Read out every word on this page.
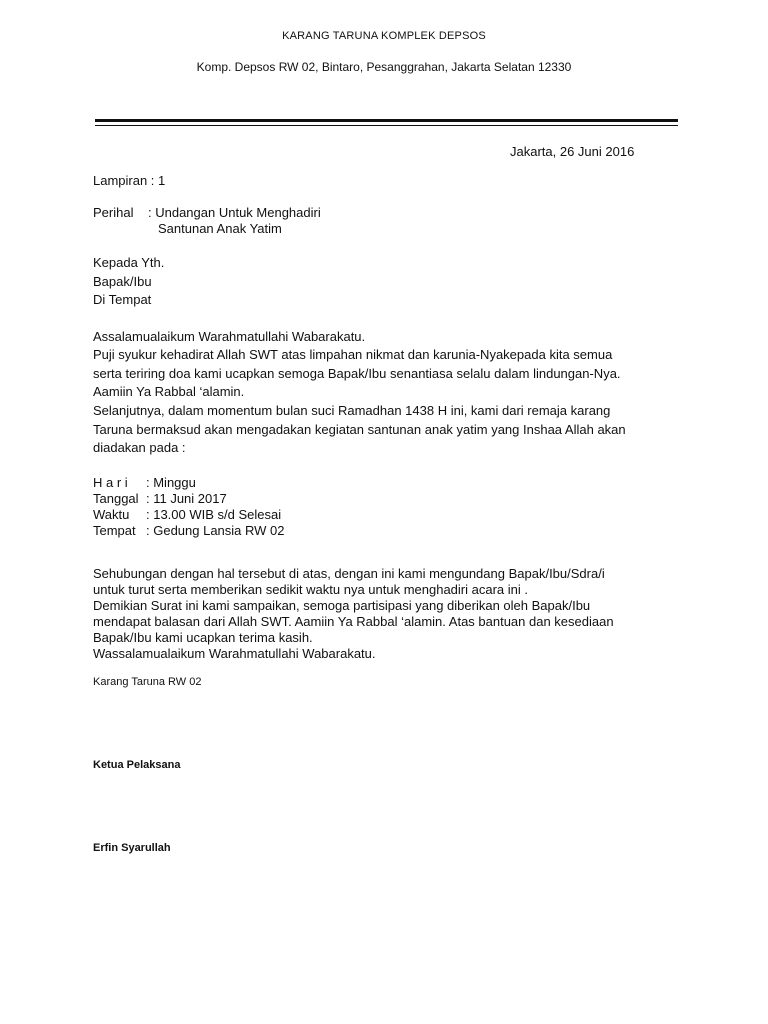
KARANG TARUNA KOMPLEK DEPSOS
Komp. Depsos RW 02, Bintaro, Pesanggrahan, Jakarta Selatan 12330
Jakarta, 26 Juni 2016
Lampiran : 1
Perihal : Undangan Untuk Menghadiri
Santunan Anak Yatim
Kepada Yth.
Bapak/Ibu
Di Tempat
Assalamualaikum Warahmatullahi Wabarakatu.
Puji syukur kehadirat Allah SWT atas limpahan nikmat dan karunia-Nyakepada kita semua
serta teriring doa kami ucapkan semoga Bapak/Ibu senantiasa selalu dalam lindungan-Nya.
Aamiin Ya Rabbal ‘alamin.
Selanjutnya, dalam momentum bulan suci Ramadhan 1438 H ini, kami dari remaja karang
Taruna bermaksud akan mengadakan kegiatan santunan anak yatim yang Inshaa Allah akan
diadakan pada :
H a r i : Minggu
Tanggal : 11 Juni 2017
Waktu : 13.00 WIB s/d Selesai
Tempat : Gedung Lansia RW 02
Sehubungan dengan hal tersebut di atas, dengan ini kami mengundang Bapak/Ibu/Sdra/i
untuk turut serta memberikan sedikit waktu nya untuk menghadiri acara ini .
Demikian Surat ini kami sampaikan, semoga partisipasi yang diberikan oleh Bapak/Ibu
mendapat balasan dari Allah SWT. Aamiin Ya Rabbal ‘alamin. Atas bantuan dan kesediaan
Bapak/Ibu kami ucapkan terima kasih.
Wassalamualaikum Warahmatullahi Wabarakatu.
Karang Taruna RW 02
Ketua Pelaksana
Erfin Syarullah
